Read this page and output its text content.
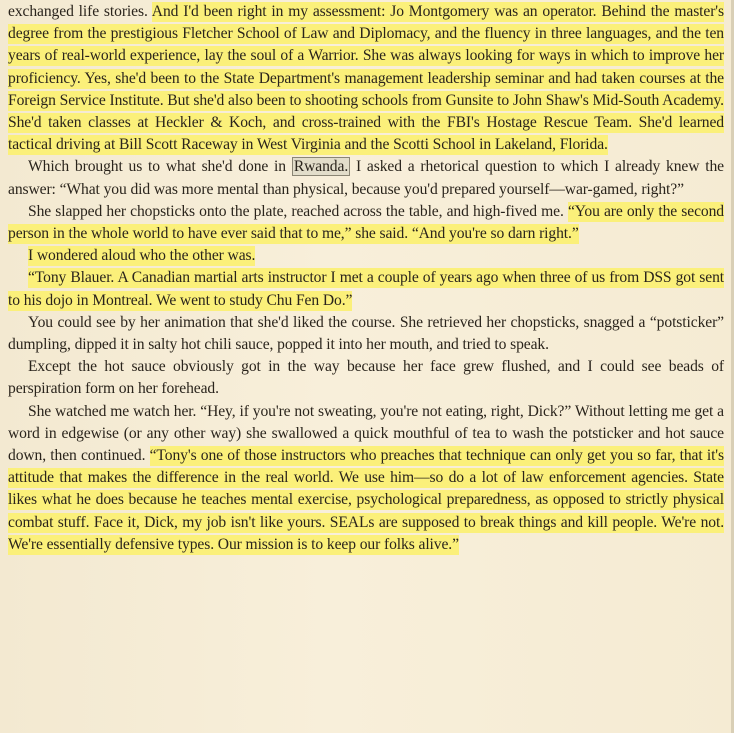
exchanged life stories. And I'd been right in my assessment: Jo Montgomery was an operator. Behind the master's degree from the prestigious Fletcher School of Law and Diplomacy, and the fluency in three languages, and the ten years of real-world experience, lay the soul of a Warrior. She was always looking for ways in which to improve her proficiency. Yes, she'd been to the State Department's management leadership seminar and had taken courses at the Foreign Service Institute. But she'd also been to shooting schools from Gunsite to John Shaw's Mid-South Academy. She'd taken classes at Heckler & Koch, and cross-trained with the FBI's Hostage Rescue Team. She'd learned tactical driving at Bill Scott Raceway in West Virginia and the Scotti School in Lakeland, Florida.

Which brought us to what she'd done in Rwanda. I asked a rhetorical question to which I already knew the answer: “What you did was more mental than physical, because you'd prepared yourself—war-gamed, right?”

She slapped her chopsticks onto the plate, reached across the table, and high-fived me. “You are only the second person in the whole world to have ever said that to me,” she said. “And you're so darn right.”

I wondered aloud who the other was.

“Tony Blauer. A Canadian martial arts instructor I met a couple of years ago when three of us from DSS got sent to his dojo in Montreal. We went to study Chu Fen Do.”

You could see by her animation that she'd liked the course. She retrieved her chopsticks, snagged a “potsticker” dumpling, dipped it in salty hot chili sauce, popped it into her mouth, and tried to speak.

Except the hot sauce obviously got in the way because her face grew flushed, and I could see beads of perspiration form on her forehead.

She watched me watch her. “Hey, if you're not sweating, you're not eating, right, Dick?” Without letting me get a word in edgewise (or any other way) she swallowed a quick mouthful of tea to wash the potsticker and hot sauce down, then continued. “Tony's one of those instructors who preaches that technique can only get you so far, that it's attitude that makes the difference in the real world. We use him—so do a lot of law enforcement agencies. State likes what he does because he teaches mental exercise, psychological preparedness, as opposed to strictly physical combat stuff. Face it, Dick, my job isn't like yours. SEALs are supposed to break things and kill people. We're not. We're essentially defensive types. Our mission is to keep our folks alive.”
